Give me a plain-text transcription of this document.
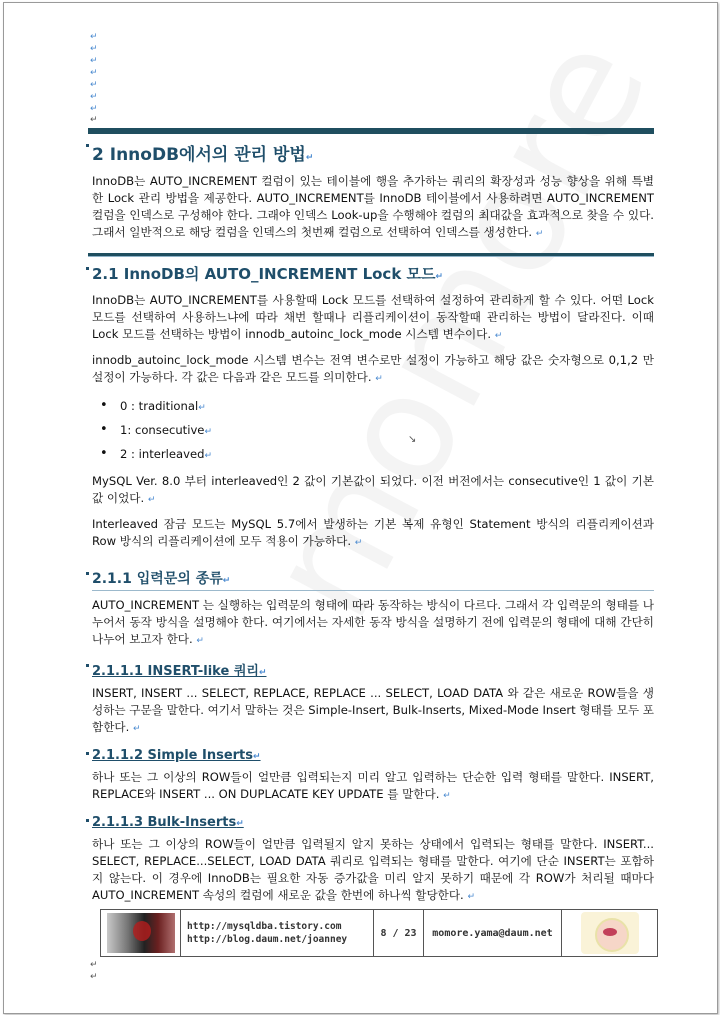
↵
↵
↵
↵
↵
↵
↵
↵
↘
2 InnoDB에서의 관리 방법↵
InnoDB는 AUTO_INCREMENT 컬럼이 있는 테이블에 행을 추가하는 쿼리의 확장성과 성능 향상을 위해 특별한 Lock 관리 방법을 제공한다. AUTO_INCREMENT를 InnoDB 테이블에서 사용하려면 AUTO_INCREMENT 컬럼을 인덱스로 구성해야 한다. 그래야 인덱스 Look-up을 수행해야 컬럼의 최대값을 효과적으로 찾을 수 있다. 그래서 일반적으로 해당 컬럼을 인덱스의 첫번째 컬럼으로 선택하여 인덱스를 생성한다. ↵
2.1 InnoDB의 AUTO_INCREMENT Lock 모드↵
InnoDB는 AUTO_INCREMENT를 사용할때 Lock 모드를 선택하여 설정하여 관리하게 할 수 있다. 어떤 Lock 모드를 선택하여 사용하느냐에 따라 채번 할때나 리플리케이션이 동작할때 관리하는 방법이 달라진다. 이때 Lock 모드를 선택하는 방법이 innodb_autoinc_lock_mode 시스템 변수이다. ↵
innodb_autoinc_lock_mode 시스템 변수는 전역 변수로만 설정이 가능하고 해당 값은 숫자형으로 0,1,2 만 설정이 가능하다. 각 값은 다음과 같은 모드를 의미한다. ↵
• 0 : traditional↵
• 1: consecutive↵
• 2 : interleaved↵
MySQL Ver. 8.0 부터 interleaved인 2 값이 기본값이 되었다. 이전 버전에서는 consecutive인 1 값이 기본값 이었다. ↵
Interleaved 잠금 모드는 MySQL 5.7에서 발생하는 기본 복제 유형인 Statement 방식의 리플리케이션과 Row 방식의 리플리케이션에 모두 적용이 가능하다. ↵
2.1.1 입력문의 종류↵
AUTO_INCREMENT 는 실행하는 입력문의 형태에 따라 동작하는 방식이 다르다. 그래서 각 입력문의 형태를 나누어서 동작 방식을 설명해야 한다. 여기에서는 자세한 동작 방식을 설명하기 전에 입력문의 형태에 대해 간단히 나누어 보고자 한다. ↵
2.1.1.1 INSERT-like 쿼리↵
INSERT, INSERT ... SELECT, REPLACE, REPLACE ... SELECT, LOAD DATA 와 같은 새로운 ROW들을 생성하는 구문을 말한다. 여기서 말하는 것은 Simple-Insert, Bulk-Inserts, Mixed-Mode Insert 형태를 모두 포함한다. ↵
2.1.1.2 Simple Inserts↵
하나 또는 그 이상의 ROW들이 얼만큼 입력되는지 미리 알고 입력하는 단순한 입력 형태를 말한다. INSERT, REPLACE와 INSERT ... ON DUPLACATE KEY UPDATE 를 말한다. ↵
2.1.1.3 Bulk-Inserts↵
하나 또는 그 이상의 ROW들이 얼만큼 입력될지 알지 못하는 상태에서 입력되는 형태를 말한다. INSERT... SELECT, REPLACE...SELECT, LOAD DATA 쿼리로 입력되는 형태를 말한다. 여기에 단순 INSERT는 포함하지 않는다. 이 경우에 InnoDB는 필요한 자동 증가값을 미리 알지 못하기 때문에 각 ROW가 처리될 때마다 AUTO_INCREMENT 속성의 컬럼에 새로운 값을 한번에 하나씩 할당한다. ↵
http://mysqldba.tistory.com
http://blog.daum.net/joanney
8 / 23	momore.yama@daum.net
↵
↵
